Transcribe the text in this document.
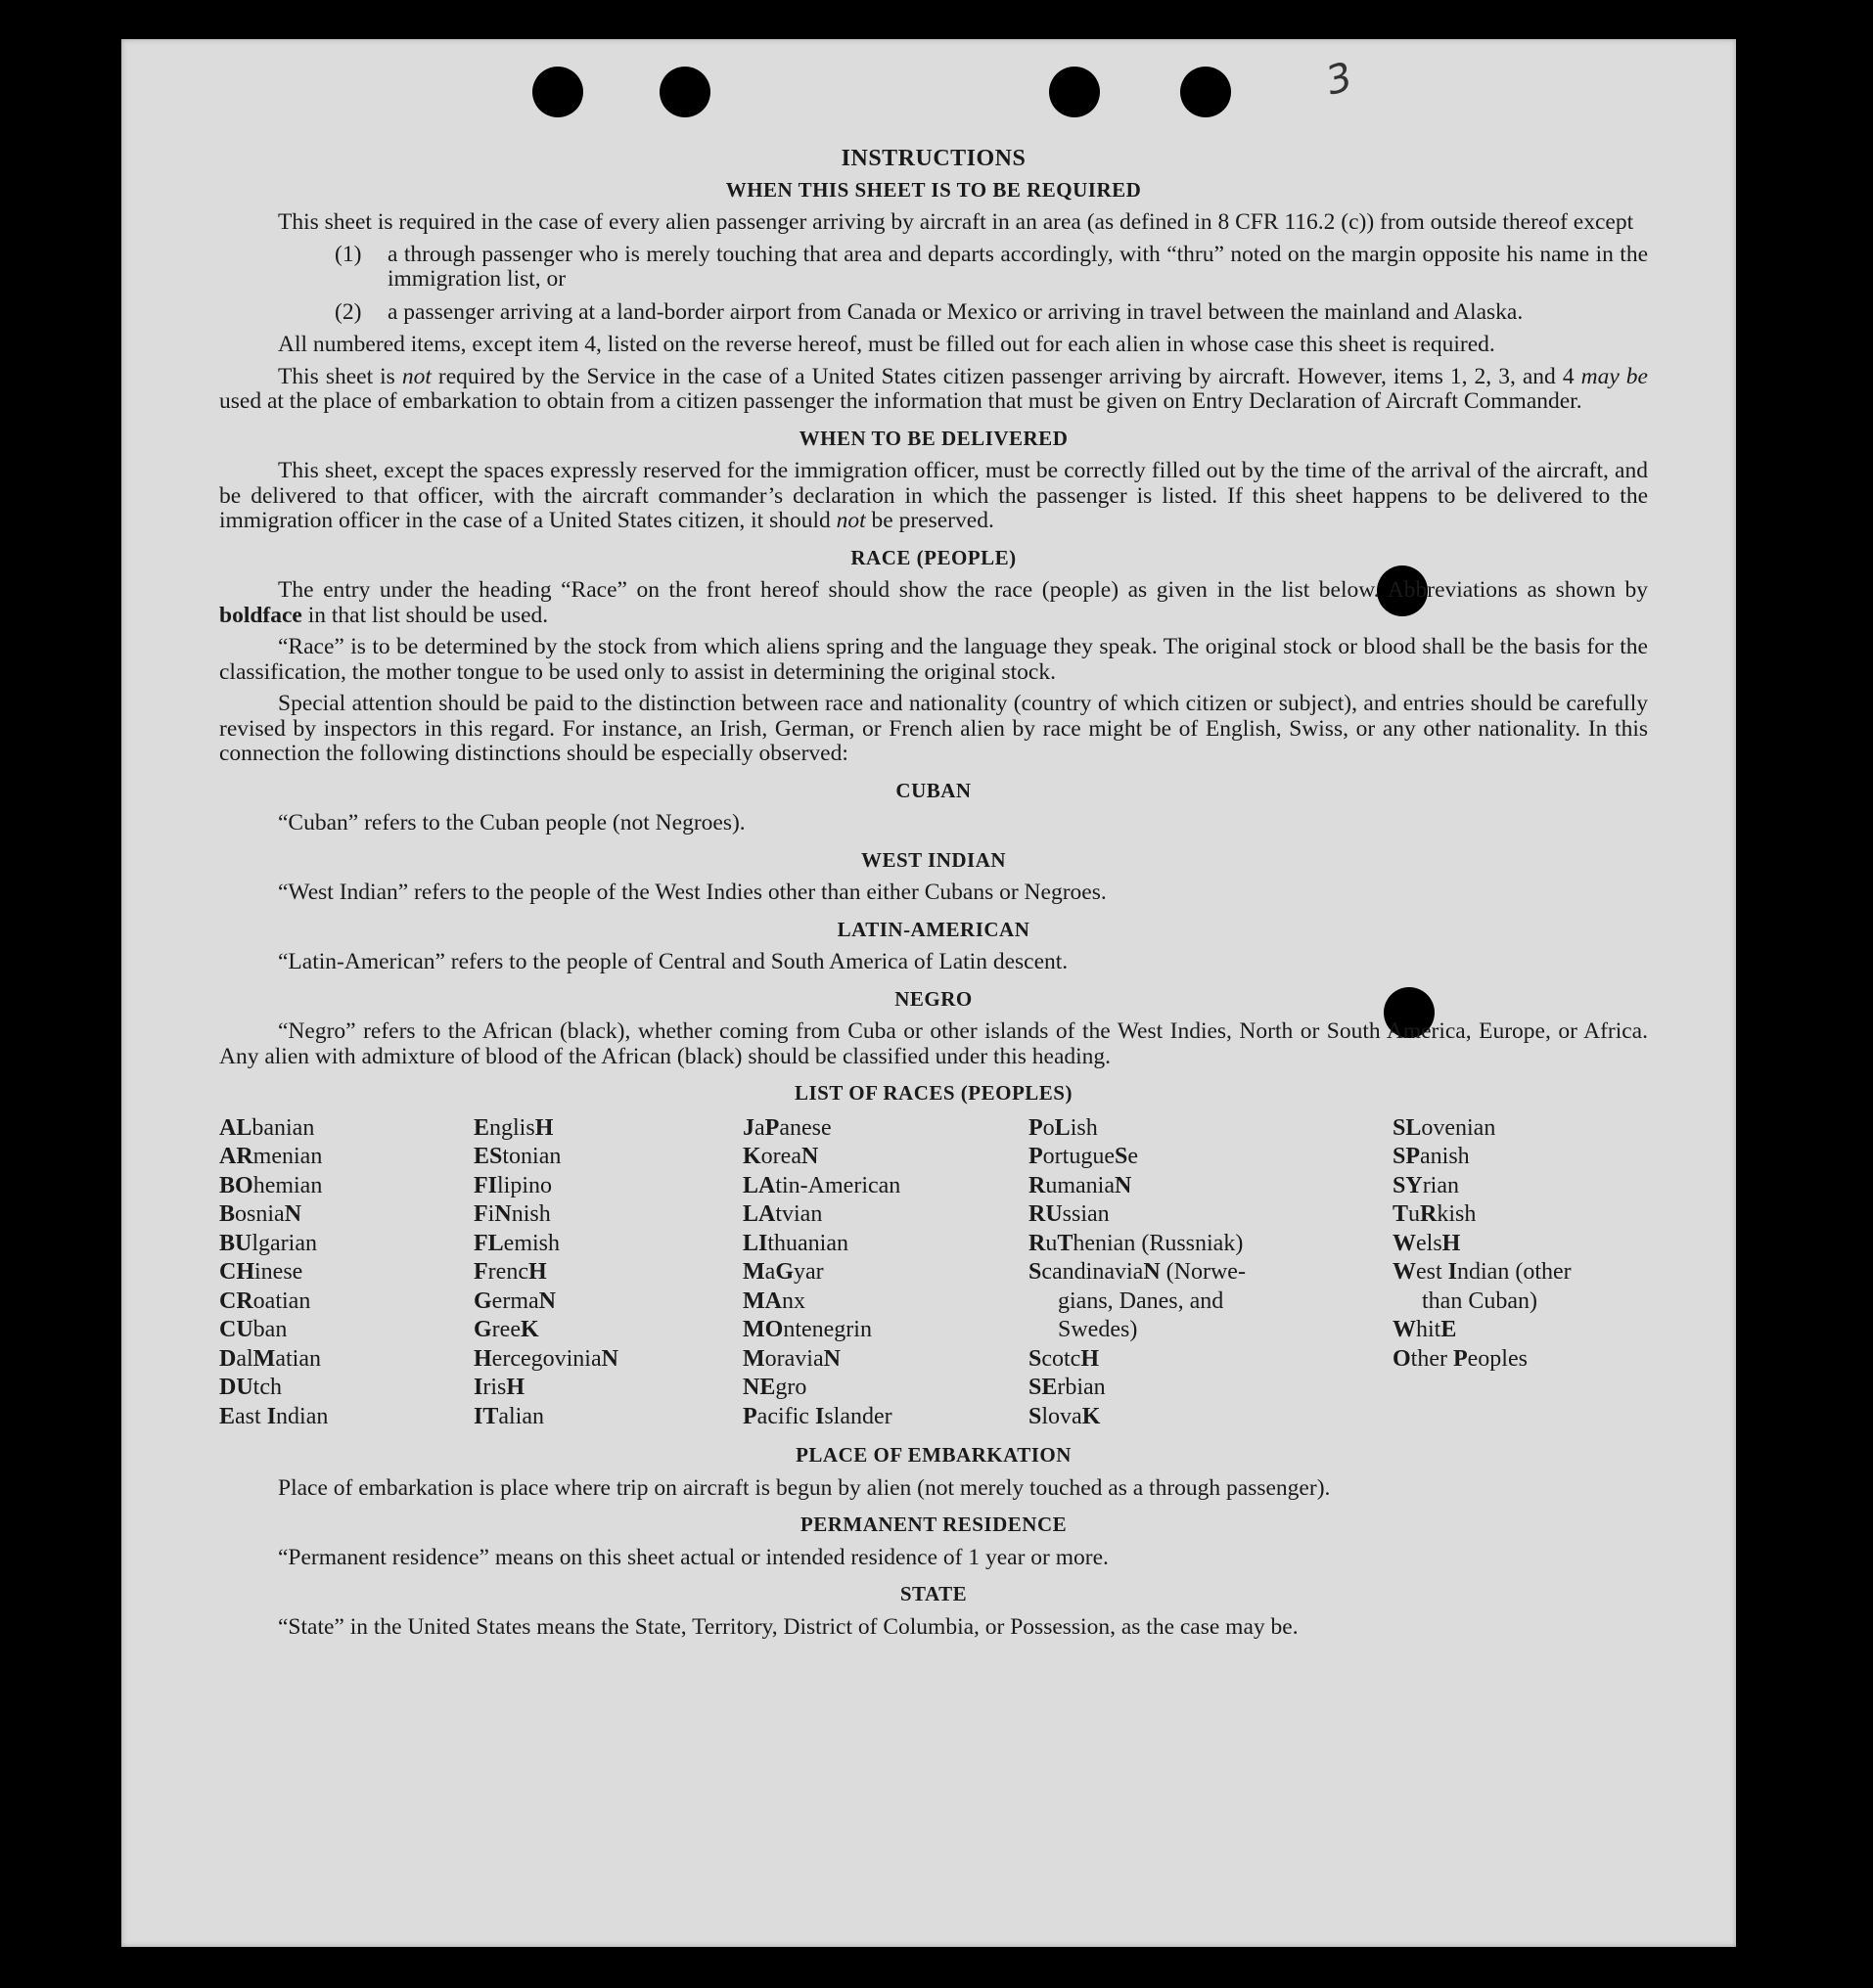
3
INSTRUCTIONS
WHEN THIS SHEET IS TO BE REQUIRED

This sheet is required in the case of every alien passenger arriving by aircraft in an area (as defined in 8 CFR 116.2 (c)) from outside thereof except

(1)	a through passenger who is merely touching that area and departs accordingly, with “thru” noted on the margin opposite his name in the immigration list, or
(2)	a passenger arriving at a land-border airport from Canada or Mexico or arriving in travel between the mainland and Alaska.

All numbered items, except item 4, listed on the reverse hereof, must be filled out for each alien in whose case this sheet is required.

This sheet is not required by the Service in the case of a United States citizen passenger arriving by aircraft. However, items 1, 2, 3, and 4 may be used at the place of embarkation to obtain from a citizen passenger the information that must be given on Entry Declaration of Aircraft Commander.

WHEN TO BE DELIVERED

This sheet, except the spaces expressly reserved for the immigration officer, must be correctly filled out by the time of the arrival of the aircraft, and be delivered to that officer, with the aircraft commander’s declaration in which the passenger is listed. If this sheet happens to be delivered to the immigration officer in the case of a United States citizen, it should not be preserved.

RACE (PEOPLE)

The entry under the heading “Race” on the front hereof should show the race (people) as given in the list below. Abbreviations as shown by boldface in that list should be used.

“Race” is to be determined by the stock from which aliens spring and the language they speak. The original stock or blood shall be the basis for the classification, the mother tongue to be used only to assist in determining the original stock.

Special attention should be paid to the distinction between race and nationality (country of which citizen or subject), and entries should be carefully revised by inspectors in this regard. For instance, an Irish, German, or French alien by race might be of English, Swiss, or any other nationality. In this connection the following distinctions should be especially observed:

CUBAN

“Cuban” refers to the Cuban people (not Negroes).

WEST INDIAN

“West Indian” refers to the people of the West Indies other than either Cubans or Negroes.

LATIN-AMERICAN

“Latin-American” refers to the people of Central and South America of Latin descent.

NEGRO

“Negro” refers to the African (black), whether coming from Cuba or other islands of the West Indies, North or South America, Europe, or Africa. Any alien with admixture of blood of the African (black) should be classified under this heading.

LIST OF RACES (PEOPLES)
ALbanian
ARmenian
BOhemian
BosniaN
BUlgarian
CHinese
CRoatian
CUban
DalMatian
DUtch
East Indian
EnglisH
EStonian
FIlipino
FiNnish
FLemish
FrencH
GermaN
GreeK
HercegoviniaN
IrisH
ITalian
JaPanese
KoreaN
LAtin-American
LAtvian
LIthuanian
MaGyar
MAnx
MOntenegrin
MoraviaN
NEgro
Pacific Islander
PoLish
PortugueSe
RumaniaN
RUssian
RuThenian (Russniak)
ScandinaviaN (Norwe-
gians, Danes, and
Swedes)
ScotcH
SErbian
SlovaK
SLovenian
SPanish
SYrian
TuRkish
WelsH
West Indian (other
than Cuban)
WhitE
Other Peoples
PLACE OF EMBARKATION

Place of embarkation is place where trip on aircraft is begun by alien (not merely touched as a through passenger).

PERMANENT RESIDENCE

“Permanent residence” means on this sheet actual or intended residence of 1 year or more.

STATE

“State” in the United States means the State, Territory, District of Columbia, or Possession, as the case may be.
